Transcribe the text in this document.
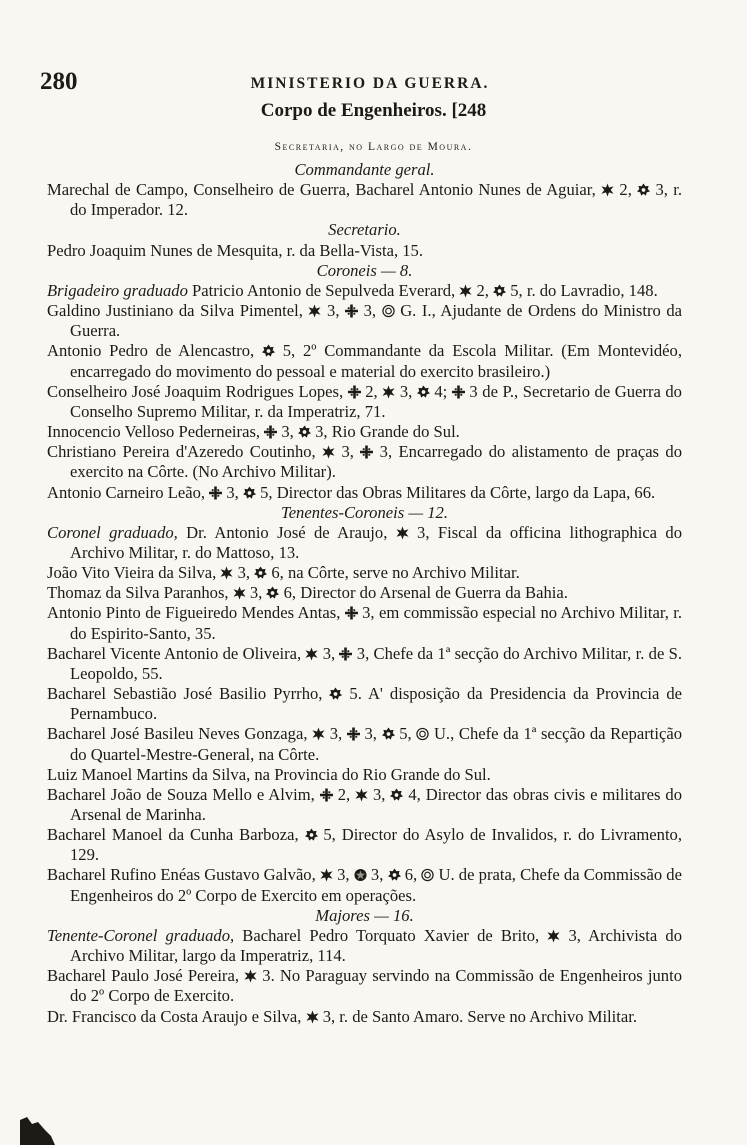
280	MINISTERIO DA GUERRA.
Corpo de Engenheiros. [248
Secretaria, no Largo de Moura.
Commandante geral.
Marechal de Campo, Conselheiro de Guerra, Bacharel Antonio Nunes de Aguiar,  2,  3, r. do Imperador. 12.
Secretario.
Pedro Joaquim Nunes de Mesquita, r. da Bella-Vista, 15.
Coroneis — 8.
Brigadeiro graduado Patricio Antonio de Sepulveda Everard,  2,  5, r. do Lavradio, 148.
Galdino Justiniano da Silva Pimentel,  3,  3,  G. I., Ajudante de Ordens do Ministro da Guerra.
Antonio Pedro de Alencastro,  5, 2º Commandante da Escola Militar. (Em Montevidéo, encarregado do movimento do pessoal e material do exercito brasileiro.)
Conselheiro José Joaquim Rodrigues Lopes,  2,  3,  4;  3 de P., Secretario de Guerra do Conselho Supremo Militar, r. da Imperatriz, 71.
Innocencio Velloso Pederneiras,  3,  3, Rio Grande do Sul.
Christiano Pereira d'Azeredo Coutinho,  3,  3, Encarregado do alistamento de praças do exercito na Côrte. (No Archivo Militar).
Antonio Carneiro Leão,  3,  5, Director das Obras Militares da Côrte, largo da Lapa, 66.
Tenentes-Coroneis — 12.
Coronel graduado, Dr. Antonio José de Araujo,  3, Fiscal da officina lithographica do Archivo Militar, r. do Mattoso, 13.
João Vito Vieira da Silva,  3,  6, na Côrte, serve no Archivo Militar.
Thomaz da Silva Paranhos,  3,  6, Director do Arsenal de Guerra da Bahia.
Antonio Pinto de Figueiredo Mendes Antas,  3, em commissão especial no Archivo Militar, r. do Espirito-Santo, 35.
Bacharel Vicente Antonio de Oliveira,  3,  3, Chefe da 1ª secção do Archivo Militar, r. de S. Leopoldo, 55.
Bacharel Sebastião José Basilio Pyrrho,  5. A' disposição da Presidencia da Provincia de Pernambuco.
Bacharel José Basileu Neves Gonzaga,  3,  3,  5,  U., Chefe da 1ª secção da Repartição do Quartel-Mestre-General, na Côrte.
Luiz Manoel Martins da Silva, na Provincia do Rio Grande do Sul.
Bacharel João de Souza Mello e Alvim,  2,  3,  4, Director das obras civis e militares do Arsenal de Marinha.
Bacharel Manoel da Cunha Barboza,  5, Director do Asylo de Invalidos, r. do Livramento, 129.
Bacharel Rufino Enéas Gustavo Galvão,  3,  3,  6,  U. de prata, Chefe da Commissão de Engenheiros do 2º Corpo de Exercito em operações.
Majores — 16.
Tenente-Coronel graduado, Bacharel Pedro Torquato Xavier de Brito,  3, Archivista do Archivo Militar, largo da Imperatriz, 114.
Bacharel Paulo José Pereira,  3. No Paraguay servindo na Commissão de Engenheiros junto do 2º Corpo de Exercito.
Dr. Francisco da Costa Araujo e Silva,  3, r. de Santo Amaro. Serve no Archivo Militar.
